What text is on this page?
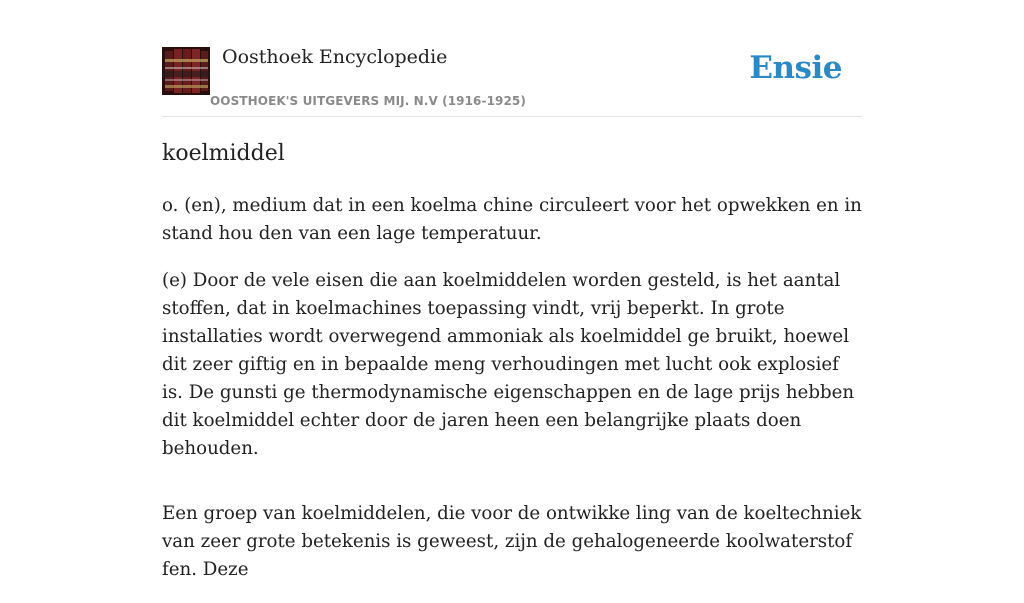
Oosthoek Encyclopedie
OOSTHOEK'S UITGEVERS MIJ. N.V (1916-1925)
Ensie
koelmiddel

o. (en), medium dat in een koelma chine circuleert voor het opwekken en in stand hou den van een lage temperatuur.

(e) Door de vele eisen die aan koelmiddelen worden gesteld, is het aantal stoffen, dat in koelmachines toepassing vindt, vrij beperkt. In grote installaties wordt overwegend ammoniak als koelmiddel ge bruikt, hoewel dit zeer giftig en in bepaalde meng verhoudingen met lucht ook explosief is. De gunsti ge thermodynamische eigenschappen en de lage prijs hebben dit koelmiddel echter door de jaren heen een belangrijke plaats doen behouden.

Een groep van koelmiddelen, die voor de ontwikke ling van de koeltechniek van zeer grote betekenis is geweest, zijn de gehalogeneerde koolwaterstof fen. Deze
